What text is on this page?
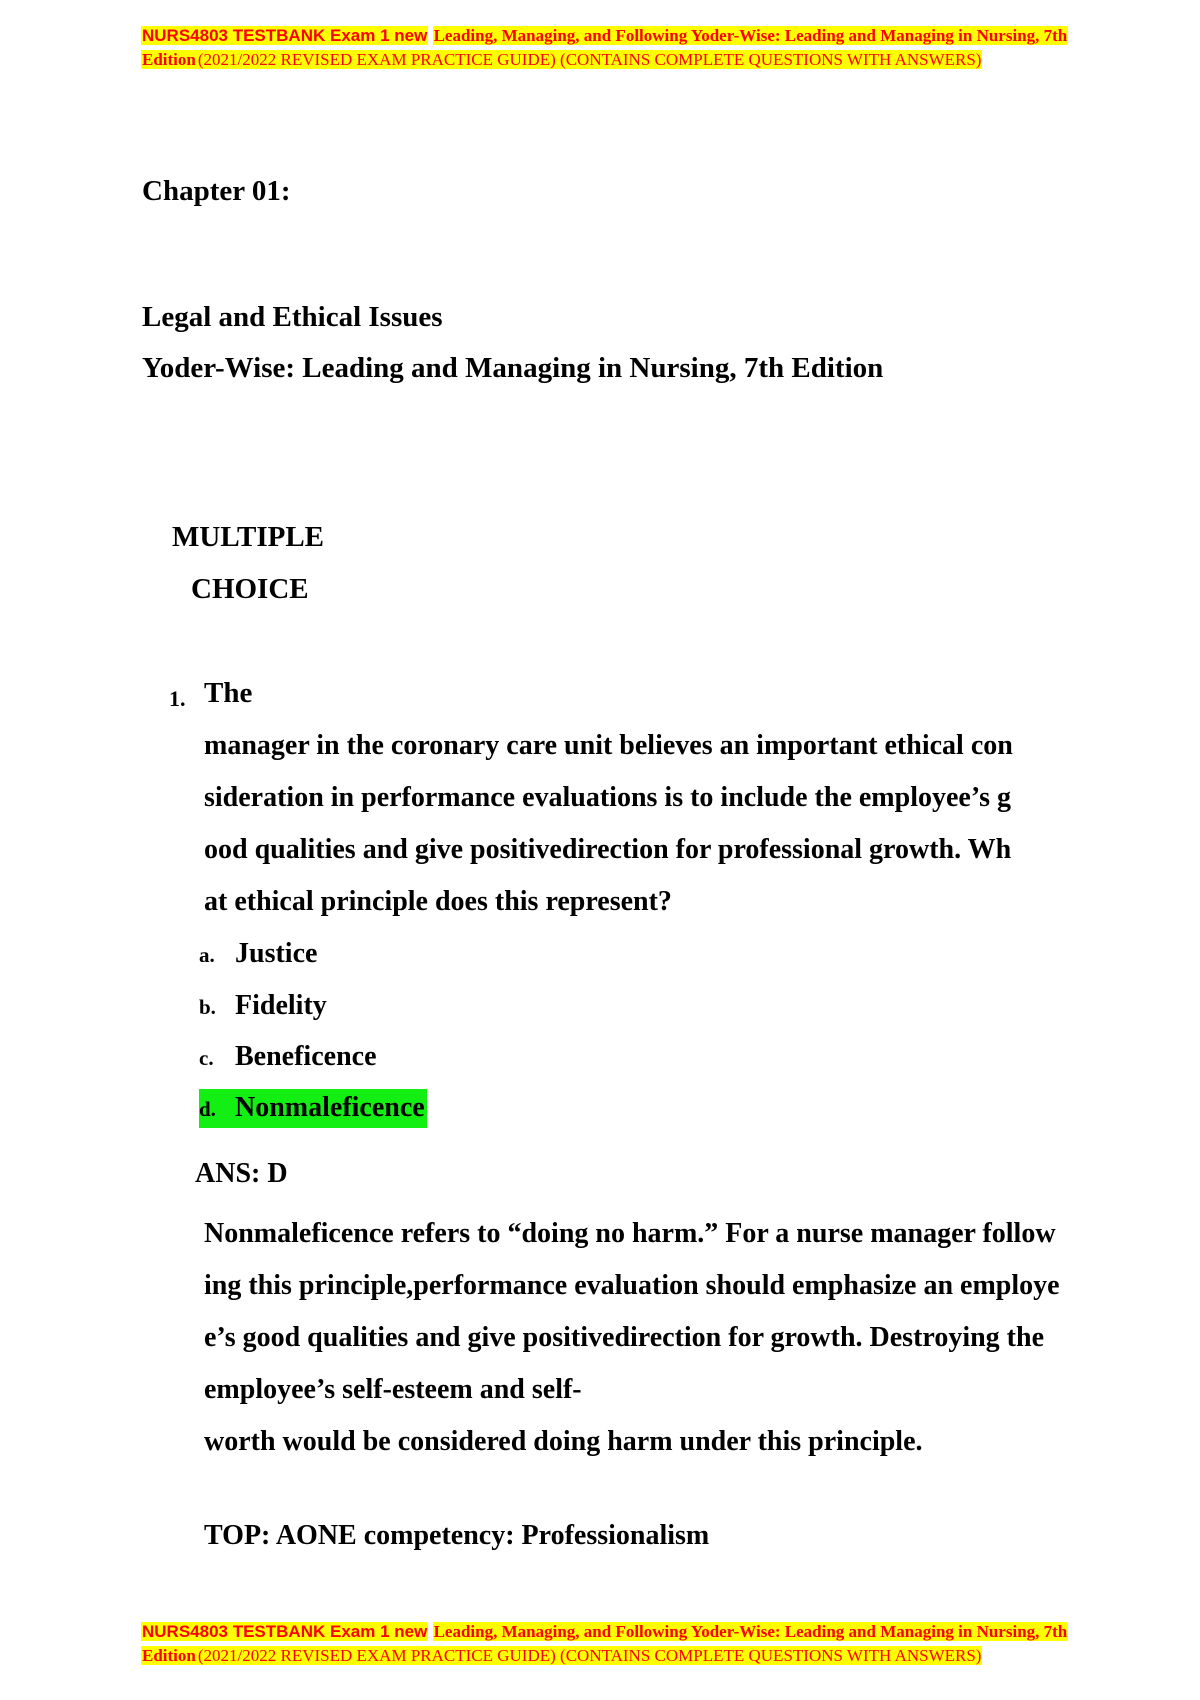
NURS4803 TESTBANK Exam 1 new Leading, Managing, and Following Yoder-Wise: Leading and Managing in Nursing, 7th
Edition (2021/2022 REVISED EXAM PRACTICE GUIDE) (CONTAINS COMPLETE QUESTIONS WITH ANSWERS)
Chapter 01:
Legal and Ethical Issues
Yoder-Wise: Leading and Managing in Nursing, 7th Edition
MULTIPLE
CHOICE
1. The
manager in the coronary care unit believes an important ethical con
sideration in performance evaluations is to include the employee’s g
ood qualities and give positivedirection for professional growth. Wh
at ethical principle does this represent?
a. Justice
b. Fidelity
c. Beneficence
d. Nonmaleficence
ANS: D
Nonmaleficence refers to “doing no harm.” For a nurse manager follow
ing this principle,performance evaluation should emphasize an employe
e’s good qualities and give positivedirection for growth. Destroying the
employee’s self-esteem and self-
worth would be considered doing harm under this principle.
TOP: AONE competency: Professionalism
NURS4803 TESTBANK Exam 1 new Leading, Managing, and Following Yoder-Wise: Leading and Managing in Nursing, 7th
Edition (2021/2022 REVISED EXAM PRACTICE GUIDE) (CONTAINS COMPLETE QUESTIONS WITH ANSWERS)
